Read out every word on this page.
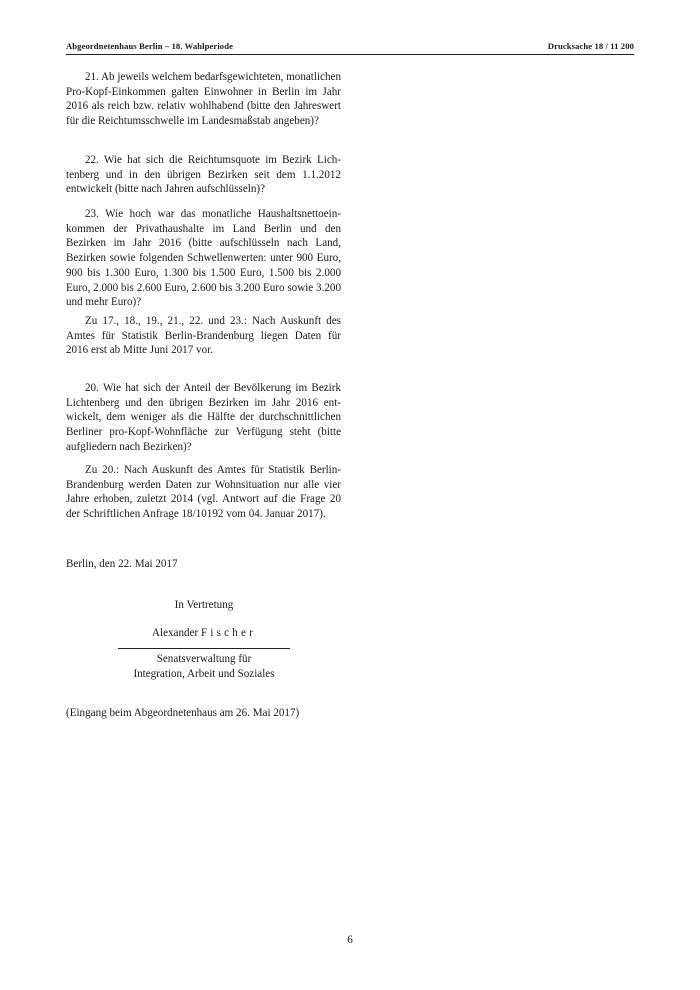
Abgeordnetenhaus Berlin – 18. Wahlperiode	Drucksache 18 / 11 200

21. Ab jeweils welchem bedarfsgewichteten, monatlichen Pro-Kopf-Einkommen galten Einwohner in Berlin im Jahr 2016 als reich bzw. relativ wohlhabend (bitte den Jahreswert für die Reichtumsschwelle im Landesmaßstab angeben)?

22. Wie hat sich die Reichtumsquote im Bezirk Lichtenberg und in den übrigen Bezirken seit dem 1.1.2012 entwickelt (bitte nach Jahren aufschlüsseln)?

23. Wie hoch war das monatliche Haushaltsnettoeinkommen der Privathaushalte im Land Berlin und den Bezirken im Jahr 2016 (bitte aufschlüsseln nach Land, Bezirken sowie folgenden Schwellenwerten: unter 900 Euro, 900 bis 1.300 Euro, 1.300 bis 1.500 Euro, 1.500 bis 2.000 Euro, 2.000 bis 2.600 Euro, 2.600 bis 3.200 Euro sowie 3.200 und mehr Euro)?

Zu 17., 18., 19., 21., 22. und 23.: Nach Auskunft des Amtes für Statistik Berlin-Brandenburg liegen Daten für 2016 erst ab Mitte Juni 2017 vor.

20. Wie hat sich der Anteil der Bevölkerung im Bezirk Lichtenberg und den übrigen Bezirken im Jahr 2016 entwickelt, dem weniger als die Hälfte der durchschnittlichen Berliner pro-Kopf-Wohnfläche zur Verfügung steht (bitte aufgliedern nach Bezirken)?

Zu 20.: Nach Auskunft des Amtes für Statistik Berlin-Brandenburg werden Daten zur Wohnsituation nur alle vier Jahre erhoben, zuletzt 2014 (vgl. Antwort auf die Frage 20 der Schriftlichen Anfrage 18/10192 vom 04. Januar 2017).

Berlin, den 22. Mai 2017
In Vertretung
Alexander Fischer
Senatsverwaltung für
Integration, Arbeit und Soziales
(Eingang beim Abgeordnetenhaus am 26. Mai 2017)
6
